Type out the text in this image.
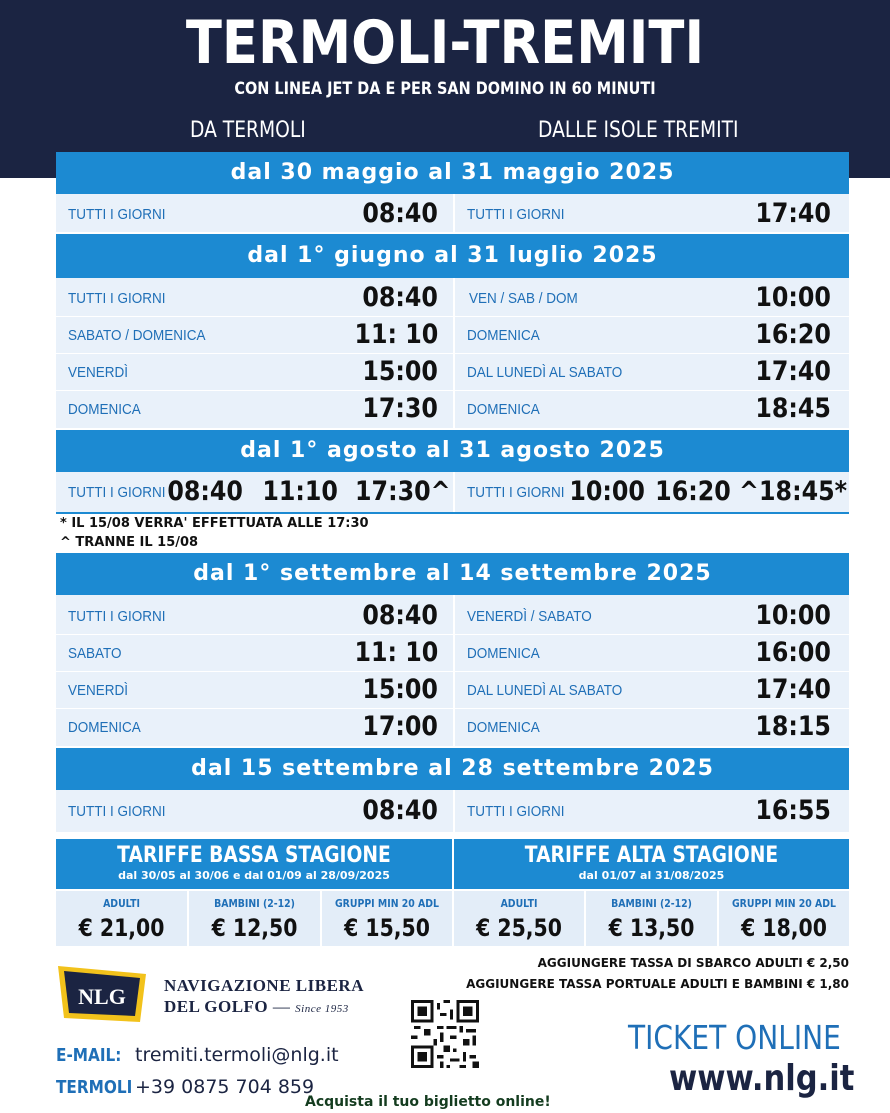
TERMOLI-TREMITI
CON LINEA JET DA E PER SAN DOMINO IN 60 MINUTI
DA TERMOLI	DALLE ISOLE TREMITI
dal 30 maggio al 31 maggio 2025
TUTTI I GIORNI	08:40 TUTTI I GIORNI	17:40
dal 1° giugno al 31 luglio 2025
TUTTI I GIORNI	08:40 VEN / SAB / DOM	10:00
SABATO / DOMENICA	11: 10 DOMENICA	16:20
VENERDÌ	15:00 DAL LUNEDÌ AL SABATO	17:40
DOMENICA	17:30 DOMENICA	18:45
dal 1° agosto al 31 agosto 2025
TUTTI I GIORNI 08:40 11:10 17:30^ TUTTI I GIORNI 10:00 16:20 ^ 18:45*
* IL 15/08 VERRA' EFFETTUATA ALLE 17:30
^ TRANNE IL 15/08
dal 1° settembre al 14 settembre 2025
TUTTI I GIORNI	08:40 VENERDÌ / SABATO	10:00
SABATO	11: 10 DOMENICA	16:00
VENERDÌ	15:00 DAL LUNEDÌ AL SABATO	17:40
DOMENICA	17:00 DOMENICA	18:15
dal 15 settembre al 28 settembre 2025
TUTTI I GIORNI	08:40 TUTTI I GIORNI	16:55
TARIFFE BASSA STAGIONE
dal 30/05 al 30/06 e dal 01/09 al 28/09/2025
TARIFFE ALTA STAGIONE
dal 01/07 al 31/08/2025
ADULTI
€ 21,00
BAMBINI (2-12)
€ 12,50
GRUPPI MIN 20 ADL
€ 15,50
ADULTI
€ 25,50
BAMBINI (2-12)
€ 13,50
GRUPPI MIN 20 ADL
€ 18,00
AGGIUNGERE TASSA DI SBARCO ADULTI € 2,50
AGGIUNGERE TASSA PORTUALE ADULTI E BAMBINI € 1,80
NLG NAVIGAZIONE LIBERA
DEL GOLFO — Since 1953
E-MAIL: tremiti.termoli@nlg.it
TERMOLI +39 0875 704 859
Acquista il tuo biglietto online!
TICKET ONLINE
www.nlg.it
